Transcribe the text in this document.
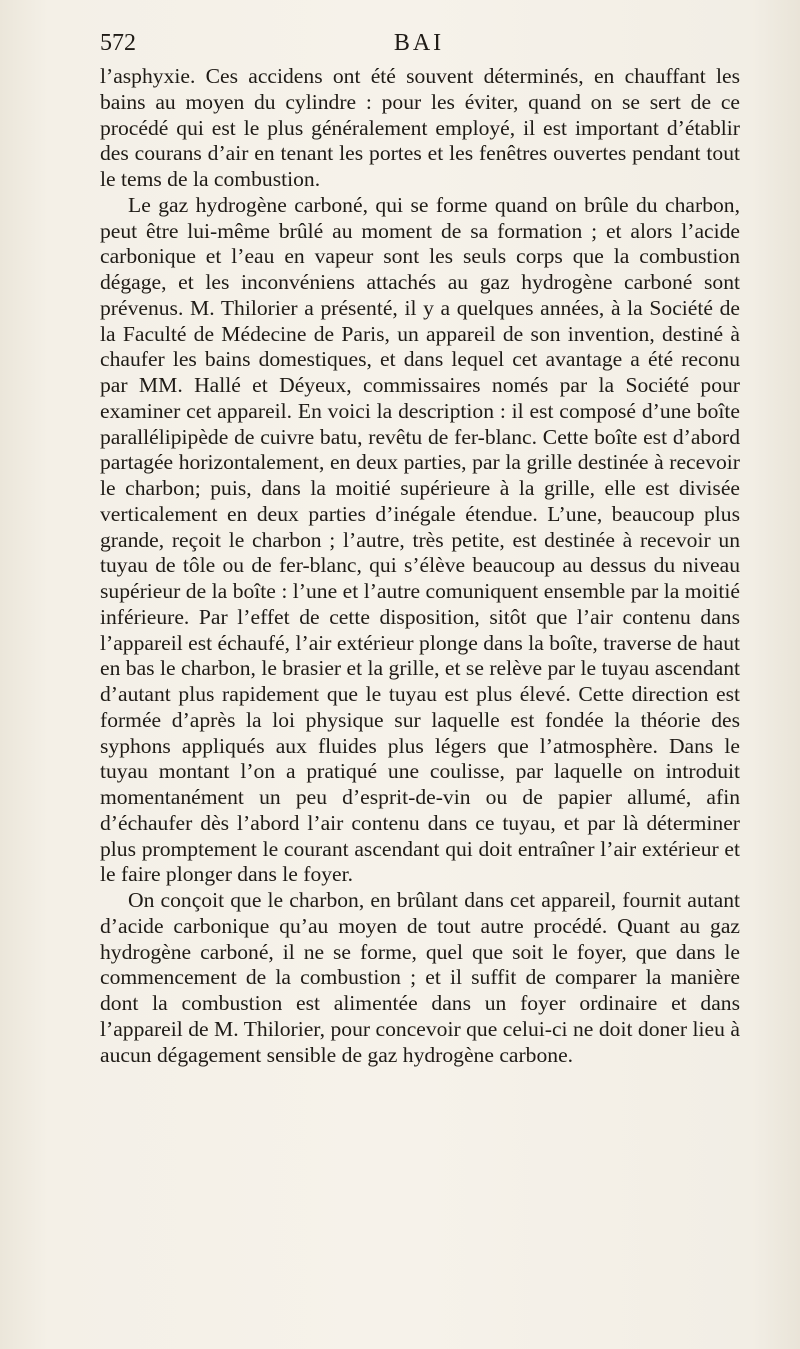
572	BAI

l’asphyxie. Ces accidens ont été souvent déterminés, en chauffant les bains au moyen du cylindre : pour les éviter, quand on se sert de ce procédé qui est le plus généralement employé, il est important d’établir des courans d’air en tenant les portes et les fenêtres ouvertes pendant tout le tems de la combustion.

Le gaz hydrogène carboné, qui se forme quand on brûle du charbon, peut être lui-même brûlé au moment de sa formation ; et alors l’acide carbonique et l’eau en vapeur sont les seuls corps que la combustion dégage, et les inconvéniens attachés au gaz hydrogène carboné sont prévenus. M. Thilorier a présenté, il y a quelques années, à la Société de la Faculté de Médecine de Paris, un appareil de son invention, destiné à chaufer les bains domestiques, et dans lequel cet avantage a été reconu par MM. Hallé et Déyeux, commissaires només par la Société pour examiner cet appareil. En voici la description : il est composé d’une boîte parallélipipède de cuivre batu, revêtu de fer-blanc. Cette boîte est d’abord partagée horizontalement, en deux parties, par la grille destinée à recevoir le charbon; puis, dans la moitié supérieure à la grille, elle est divisée verticalement en deux parties d’inégale étendue. L’une, beaucoup plus grande, reçoit le charbon ; l’autre, très petite, est destinée à recevoir un tuyau de tôle ou de fer-blanc, qui s’élève beaucoup au dessus du niveau supérieur de la boîte : l’une et l’autre comuniquent ensemble par la moitié inférieure. Par l’effet de cette disposition, sitôt que l’air contenu dans l’appareil est échaufé, l’air extérieur plonge dans la boîte, traverse de haut en bas le charbon, le brasier et la grille, et se relève par le tuyau ascendant d’autant plus rapidement que le tuyau est plus élevé. Cette direction est formée d’après la loi physique sur laquelle est fondée la théorie des syphons appliqués aux fluides plus légers que l’atmosphère. Dans le tuyau montant l’on a pratiqué une coulisse, par laquelle on introduit momentanément un peu d’esprit-de-vin ou de papier allumé, afin d’échaufer dès l’abord l’air contenu dans ce tuyau, et par là déterminer plus promptement le courant ascendant qui doit entraîner l’air extérieur et le faire plonger dans le foyer.

On conçoit que le charbon, en brûlant dans cet appareil, fournit autant d’acide carbonique qu’au moyen de tout autre procédé. Quant au gaz hydrogène carboné, il ne se forme, quel que soit le foyer, que dans le commencement de la combustion ; et il suffit de comparer la manière dont la combustion est alimentée dans un foyer ordinaire et dans l’appareil de M. Thilorier, pour concevoir que celui-ci ne doit doner lieu à aucun dégagement sensible de gaz hydrogène carbone.
